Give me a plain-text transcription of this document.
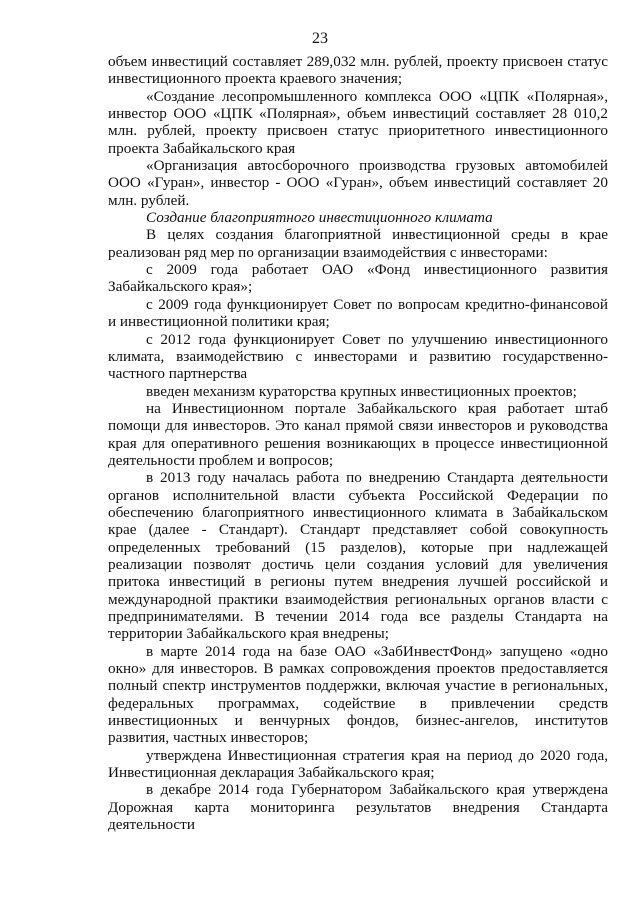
23

объем инвестиций составляет 289,032 млн. рублей, проекту присвоен статус инвестиционного проекта краевого значения;

«Создание лесопромышленного комплекса ООО «ЦПК «Полярная», инвестор ООО «ЦПК «Полярная», объем инвестиций составляет 28 010,2 млн. рублей, проекту присвоен статус приоритетного инвестиционного проекта Забайкальского края

«Организация автосборочного производства грузовых автомобилей ООО «Гуран», инвестор - ООО «Гуран», объем инвестиций составляет 20 млн. рублей.

Создание благоприятного инвестиционного климата

В целях создания благоприятной инвестиционной среды в крае реализован ряд мер по организации взаимодействия с инвесторами:

с 2009 года работает ОАО «Фонд инвестиционного развития Забайкальского края»;

с 2009 года функционирует Совет по вопросам кредитно-финансовой и инвестиционной политики края;

с 2012 года функционирует Совет по улучшению инвестиционного климата, взаимодействию с инвесторами и развитию государственно-частного партнерства

введен механизм кураторства крупных инвестиционных проектов;

на Инвестиционном портале Забайкальского края работает штаб помощи для инвесторов. Это канал прямой связи инвесторов и руководства края для оперативного решения возникающих в процессе инвестиционной деятельности проблем и вопросов;

в 2013 году началась работа по внедрению Стандарта деятельности органов исполнительной власти субъекта Российской Федерации по обеспечению благоприятного инвестиционного климата в Забайкальском крае (далее - Стандарт). Стандарт представляет собой совокупность определенных требований (15 разделов), которые при надлежащей реализации позволят достичь цели создания условий для увеличения притока инвестиций в регионы путем внедрения лучшей российской и международной практики взаимодействия региональных органов власти с предпринимателями. В течении 2014 года все разделы Стандарта на территории Забайкальского края внедрены;

в марте 2014 года на базе ОАО «ЗабИнвестФонд» запущено «одно окно» для инвесторов. В рамках сопровождения проектов предоставляется полный спектр инструментов поддержки, включая участие в региональных, федеральных программах, содействие в привлечении средств инвестиционных и венчурных фондов, бизнес-ангелов, институтов развития, частных инвесторов;

утверждена Инвестиционная стратегия края на период до 2020 года, Инвестиционная декларация Забайкальского края;

в декабре 2014 года Губернатором Забайкальского края утверждена Дорожная карта мониторинга результатов внедрения Стандарта деятельности
